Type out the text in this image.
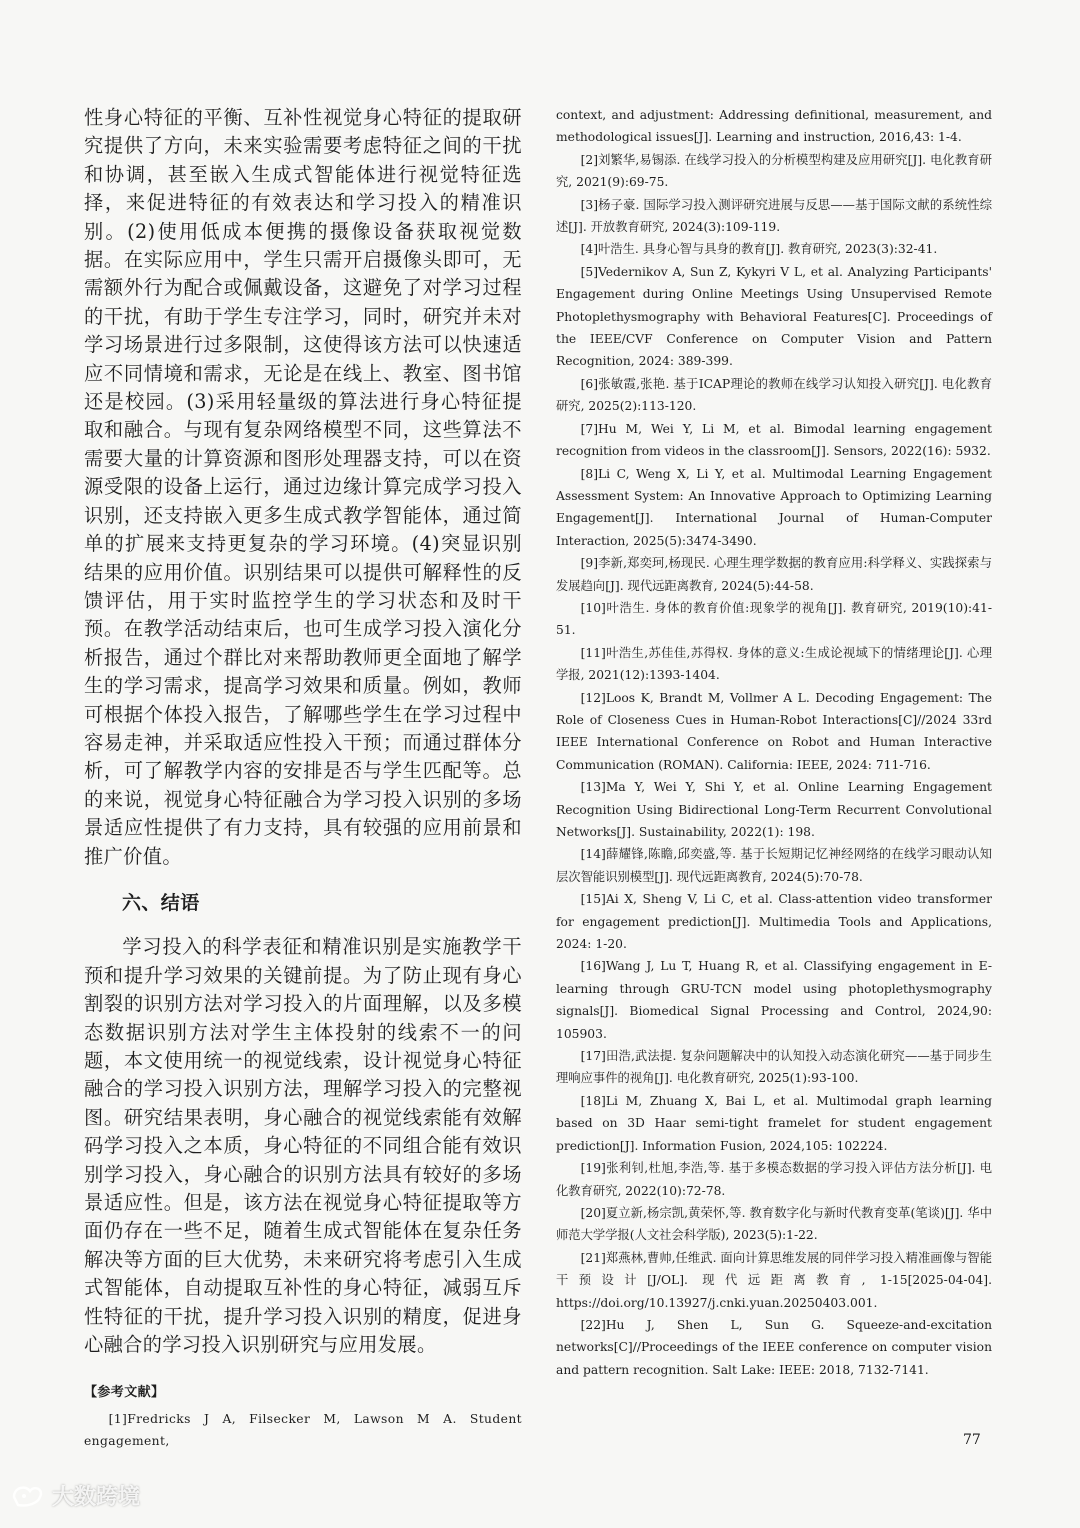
性身心特征的平衡、互补性视觉身心特征的提取研究提供了方向，未来实验需要考虑特征之间的干扰和协调，甚至嵌入生成式智能体进行视觉特征选择，来促进特征的有效表达和学习投入的精准识别。(2)使用低成本便携的摄像设备获取视觉数据。在实际应用中，学生只需开启摄像头即可，无需额外行为配合或佩戴设备，这避免了对学习过程的干扰，有助于学生专注学习，同时，研究并未对学习场景进行过多限制，这使得该方法可以快速适应不同情境和需求，无论是在线上、教室、图书馆还是校园。(3)采用轻量级的算法进行身心特征提取和融合。与现有复杂网络模型不同，这些算法不需要大量的计算资源和图形处理器支持，可以在资源受限的设备上运行，通过边缘计算完成学习投入识别，还支持嵌入更多生成式教学智能体，通过简单的扩展来支持更复杂的学习环境。(4)突显识别结果的应用价值。识别结果可以提供可解释性的反馈评估，用于实时监控学生的学习状态和及时干预。在教学活动结束后，也可生成学习投入演化分析报告，通过个群比对来帮助教师更全面地了解学生的学习需求，提高学习效果和质量。例如，教师可根据个体投入报告，了解哪些学生在学习过程中容易走神，并采取适应性投入干预；而通过群体分析，可了解教学内容的安排是否与学生匹配等。总的来说，视觉身心特征融合为学习投入识别的多场景适应性提供了有力支持，具有较强的应用前景和推广价值。

六、结语

学习投入的科学表征和精准识别是实施教学干预和提升学习效果的关键前提。为了防止现有身心割裂的识别方法对学习投入的片面理解，以及多模态数据识别方法对学生主体投射的线索不一的问题，本文使用统一的视觉线索，设计视觉身心特征融合的学习投入识别方法，理解学习投入的完整视图。研究结果表明，身心融合的视觉线索能有效解码学习投入之本质，身心特征的不同组合能有效识别学习投入，身心融合的识别方法具有较好的多场景适应性。但是，该方法在视觉身心特征提取等方面仍存在一些不足，随着生成式智能体在复杂任务解决等方面的巨大优势，未来研究将考虑引入生成式智能体，自动提取互补性的身心特征，减弱互斥性特征的干扰，提升学习投入识别的精度，促进身心融合的学习投入识别研究与应用发展。

【参考文献】

[1]Fredricks J A, Filsecker M, Lawson M A. Student engagement,

context, and adjustment: Addressing definitional, measurement, and methodological issues[J]. Learning and instruction, 2016,43: 1-4.

[2]刘繁华,易锡添. 在线学习投入的分析模型构建及应用研究[J]. 电化教育研究, 2021(9):69-75.

[3]杨子豪. 国际学习投入测评研究进展与反思——基于国际文献的系统性综述[J]. 开放教育研究, 2024(3):109-119.

[4]叶浩生. 具身心智与具身的教育[J]. 教育研究, 2023(3):32-41.

[5]Vedernikov A, Sun Z, Kykyri V L, et al. Analyzing Participants' Engagement during Online Meetings Using Unsupervised Remote Photoplethysmography with Behavioral Features[C]. Proceedings of the IEEE/CVF Conference on Computer Vision and Pattern Recognition, 2024: 389-399.

[6]张敏霞,张艳. 基于ICAP理论的教师在线学习认知投入研究[J]. 电化教育研究, 2025(2):113-120.

[7]Hu M, Wei Y, Li M, et al. Bimodal learning engagement recognition from videos in the classroom[J]. Sensors, 2022(16): 5932.

[8]Li C, Weng X, Li Y, et al. Multimodal Learning Engagement Assessment System: An Innovative Approach to Optimizing Learning Engagement[J]. International Journal of Human-Computer Interaction, 2025(5):3474-3490.

[9]李新,郑奕珂,杨现民. 心理生理学数据的教育应用:科学释义、实践探索与发展趋向[J]. 现代远距离教育, 2024(5):44-58.

[10]叶浩生. 身体的教育价值:现象学的视角[J]. 教育研究, 2019(10):41-51.

[11]叶浩生,苏佳佳,苏得权. 身体的意义:生成论视域下的情绪理论[J]. 心理学报, 2021(12):1393-1404.

[12]Loos K, Brandt M, Vollmer A L. Decoding Engagement: The Role of Closeness Cues in Human-Robot Interactions[C]//2024 33rd IEEE International Conference on Robot and Human Interactive Communication (ROMAN). California: IEEE, 2024: 711-716.

[13]Ma Y, Wei Y, Shi Y, et al. Online Learning Engagement Recognition Using Bidirectional Long-Term Recurrent Convolutional Networks[J]. Sustainability, 2022(1): 198.

[14]薛耀锋,陈瞻,邱奕盛,等. 基于长短期记忆神经网络的在线学习眼动认知层次智能识别模型[J]. 现代远距离教育, 2024(5):70-78.

[15]Ai X, Sheng V, Li C, et al. Class-attention video transformer for engagement prediction[J]. Multimedia Tools and Applications, 2024: 1-20.

[16]Wang J, Lu T, Huang R, et al. Classifying engagement in E-learning through GRU-TCN model using photoplethysmography signals[J]. Biomedical Signal Processing and Control, 2024,90: 105903.

[17]田浩,武法提. 复杂问题解决中的认知投入动态演化研究——基于同步生理响应事件的视角[J]. 电化教育研究, 2025(1):93-100.

[18]Li M, Zhuang X, Bai L, et al. Multimodal graph learning based on 3D Haar semi-tight framelet for student engagement prediction[J]. Information Fusion, 2024,105: 102224.

[19]张利钊,杜旭,李浩,等. 基于多模态数据的学习投入评估方法分析[J]. 电化教育研究, 2022(10):72-78.

[20]夏立新,杨宗凯,黄荣怀,等. 教育数字化与新时代教育变革(笔谈)[J]. 华中师范大学学报(人文社会科学版), 2023(5):1-22.

[21]郑燕林,曹帅,任维武. 面向计算思维发展的同伴学习投入精准画像与智能干预设计[J/OL]. 现代远距离教育, 1-15[2025-04-04]. https://doi.org/10.13927/j.cnki.yuan.20250403.001.

[22]Hu J, Shen L, Sun G. Squeeze-and-excitation networks[C]//Proceedings of the IEEE conference on computer vision and pattern recognition. Salt Lake: IEEE: 2018, 7132-7141.

77
大数跨境
